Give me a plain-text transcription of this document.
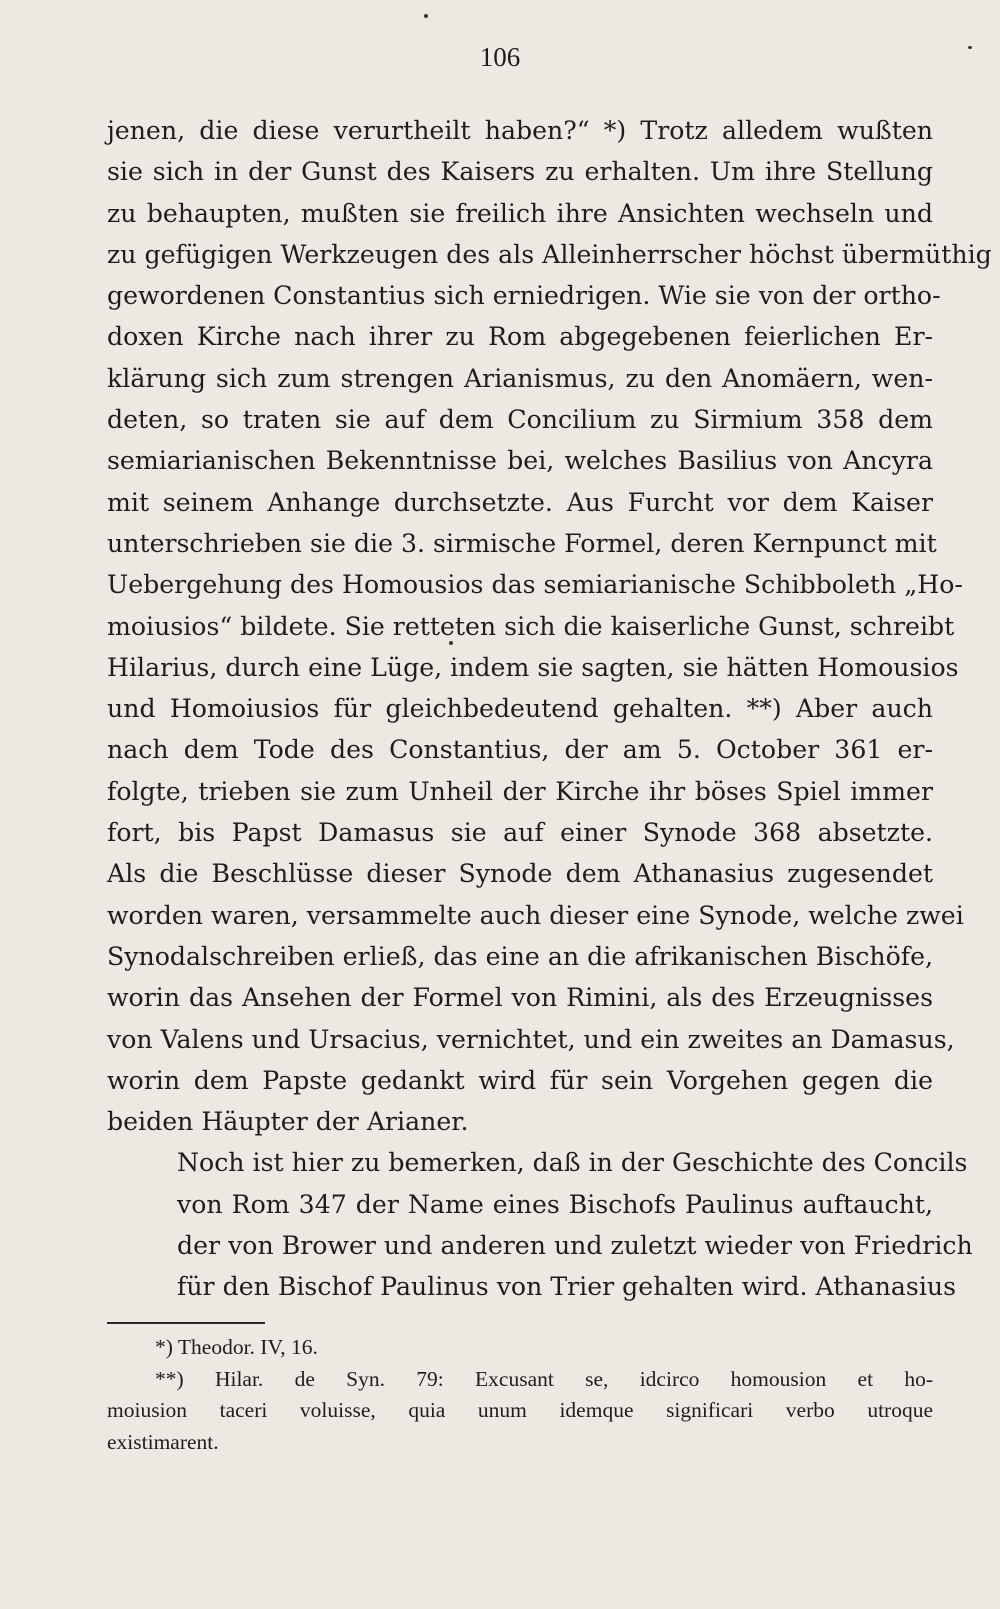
106

jenen, die diese verurtheilt haben?“ *) Trotz alledem wußten
sie sich in der Gunst des Kaisers zu erhalten. Um ihre Stellung
zu behaupten, mußten sie freilich ihre Ansichten wechseln und
zu gefügigen Werkzeugen des als Alleinherrscher höchst übermüthig
gewordenen Constantius sich erniedrigen. Wie sie von der ortho-
doxen Kirche nach ihrer zu Rom abgegebenen feierlichen Er-
klärung sich zum strengen Arianismus, zu den Anomäern, wen-
deten, so traten sie auf dem Concilium zu Sirmium 358 dem
semiarianischen Bekenntnisse bei, welches Basilius von Ancyra
mit seinem Anhange durchsetzte. Aus Furcht vor dem Kaiser
unterschrieben sie die 3. sirmische Formel, deren Kernpunct mit
Uebergehung des Homousios das semiarianische Schibboleth „Ho-
moiusios“ bildete. Sie retteten sich die kaiserliche Gunst, schreibt
Hilarius, durch eine Lüge, indem sie sagten, sie hätten Homousios
und Homoiusios für gleichbedeutend gehalten. **) Aber auch
nach dem Tode des Constantius, der am 5. October 361 er-
folgte, trieben sie zum Unheil der Kirche ihr böses Spiel immer
fort, bis Papst Damasus sie auf einer Synode 368 absetzte.
Als die Beschlüsse dieser Synode dem Athanasius zugesendet
worden waren, versammelte auch dieser eine Synode, welche zwei
Synodalschreiben erließ, das eine an die afrikanischen Bischöfe,
worin das Ansehen der Formel von Rimini, als des Erzeugnisses
von Valens und Ursacius, vernichtet, und ein zweites an Damasus,
worin dem Papste gedankt wird für sein Vorgehen gegen die
beiden Häupter der Arianer.

Noch ist hier zu bemerken, daß in der Geschichte des Concils
von Rom 347 der Name eines Bischofs Paulinus auftaucht,
der von Brower und anderen und zuletzt wieder von Friedrich
für den Bischof Paulinus von Trier gehalten wird. Athanasius

*) Theodor. IV, 16.

**) Hilar. de Syn. 79: Excusant se, idcirco homousion et ho-
moiusion taceri voluisse, quia unum idemque significari verbo utroque
existimarent.
